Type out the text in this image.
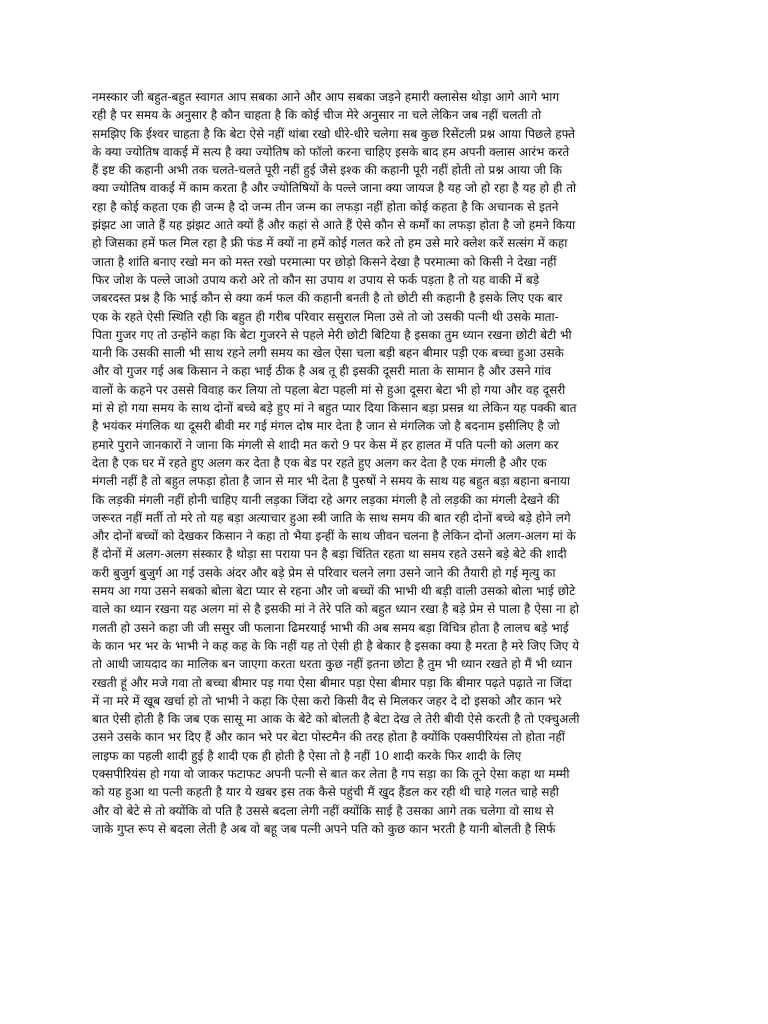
नमस्कार जी बहुत-बहुत स्वागत आप सबका आने और आप सबका जड़ने हमारी क्लासेस थोड़ा आगे आगे भाग
रही है पर समय के अनुसार है कौन चाहता है कि कोई चीज मेरे अनुसार ना चले लेकिन जब नहीं चलती तो
समझिए कि ईश्वर चाहता है कि बेटा ऐसे नहीं थांबा रखो धीरे-धीरे चलेगा सब कुछ रिसेंटली प्रश्न आया पिछले हफ्ते
के क्या ज्योतिष वाकई में सत्य है क्या ज्योतिष को फॉलो करना चाहिए इसके बाद हम अपनी क्लास आरंभ करते
हैं इष्ट की कहानी अभी तक चलते-चलते पूरी नहीं हुई जैसे इश्क की कहानी पूरी नहीं होती तो प्रश्न आया जी कि
क्या ज्योतिष वाकई में काम करता है और ज्योतिषियों के पल्ले जाना क्या जायज है यह जो हो रहा है यह हो ही तो
रहा है कोई कहता एक ही जन्म है दो जन्म तीन जन्म का लफड़ा नहीं होता कोई कहता है कि अचानक से इतने
झंझट आ जाते हैं यह झंझट आते क्यों हैं और कहां से आते हैं ऐसे कौन से कर्मों का लफड़ा होता है जो हमने किया
हो जिसका हमें फल मिल रहा है फ्री फंड में क्यों ना हमें कोई गलत करे तो हम उसे मारे क्लेश करें सत्संग में कहा
जाता है शांति बनाए रखो मन को मस्त रखो परमात्मा पर छोड़ो किसने देखा है परमात्मा को किसी ने देखा नहीं
फिर जोश के पल्ले जाओ उपाय करो अरे तो कौन सा उपाय श उपाय से फर्क पड़ता है तो यह वाकी में बड़े
जबरदस्त प्रश्न है कि भाई कौन से क्या कर्म फल की कहानी बनती है तो छोटी सी कहानी है इसके लिए एक बार
एक के रहते ऐसी स्थिति रही कि बहुत ही गरीब परिवार ससुराल मिला उसे तो जो उसकी पत्नी थी उसके माता-
पिता गुजर गए तो उन्होंने कहा कि बेटा गुजरने से पहले मेरी छोटी बिटिया है इसका तुम ध्यान रखना छोटी बेटी भी
यानी कि उसकी साली भी साथ रहने लगी समय का खेल ऐसा चला बड़ी बहन बीमार पड़ी एक बच्चा हुआ उसके
और वो गुजर गई अब किसान ने कहा भाई ठीक है अब तू ही इसकी दूसरी माता के सामान है और उसने गांव
वालों के कहने पर उससे विवाह कर लिया तो पहला बेटा पहली मां से हुआ दूसरा बेटा भी हो गया और वह दूसरी
मां से हो गया समय के साथ दोनों बच्चे बड़े हुए मां ने बहुत प्यार दिया किसान बड़ा प्रसन्न था लेकिन यह पक्की बात
है भयंकर मंगलिक था दूसरी बीवी मर गई मंगल दोष मार देता है जान से मंगलिक जो है बदनाम इसीलिए है जो
हमारे पुराने जानकारों ने जाना कि मंगली से शादी मत करो 9 पर केस में हर हालत में पति पत्नी को अलग कर
देता है एक घर में रहते हुए अलग कर देता है एक बेड पर रहते हुए अलग कर देता है एक मंगली है और एक
मंगली नहीं है तो बहुत लफड़ा होता है जान से मार भी देता है पुरुषों ने समय के साथ यह बहुत बड़ा बहाना बनाया
कि लड़की मंगली नहीं होनी चाहिए यानी लड़का जिंदा रहे अगर लड़का मंगली है तो लड़की का मंगली देखने की
जरूरत नहीं मर्ती तो मरे तो यह बड़ा अत्याचार हुआ स्त्री जाति के साथ समय की बात रही दोनों बच्चे बड़े होने लगे
और दोनों बच्चों को देखकर किसान ने कहा तो भैया इन्हीं के साथ जीवन चलना है लेकिन दोनों अलग-अलग मां के
हैं दोनों में अलग-अलग संस्कार है थोड़ा सा पराया पन है बड़ा चिंतित रहता था समय रहते उसने बड़े बेटे की शादी
करी बुजुर्ग बुजुर्ग आ गई उसके अंदर और बड़े प्रेम से परिवार चलने लगा उसने जाने की तैयारी हो गई मृत्यु का
समय आ गया उसने सबको बोला बेटा प्यार से रहना और जो बच्चों की भाभी थी बड़ी वाली उसको बोला भाई छोटे
वाले का ध्यान रखना यह अलग मां से है इसकी मां ने तेरे पति को बहुत ध्यान रखा है बड़े प्रेम से पाला है ऐसा ना हो
गलती हो उसने कहा जी जी ससुर जी फलाना ढिमरयाई भाभी की अब समय बड़ा विचित्र होता है लालच बड़े भाई
के कान भर भर के भाभी ने कह कह के कि नहीं यह तो ऐसी ही है बेकार है इसका क्या है मरता है मरे जिए जिए ये
तो आधी जायदाद का मालिक बन जाएगा करता धरता कुछ नहीं इतना छोटा है तुम भी ध्यान रखते हो मैं भी ध्यान
रखती हूं और मजे गवा तो बच्चा बीमार पड़ गया ऐसा बीमार पड़ा ऐसा बीमार पड़ा कि बीमार पढ़ते पढ़ाते ना जिंदा
में ना मरे में खूब खर्चा हो तो भाभी ने कहा कि ऐसा करो किसी वैद से मिलकर जहर दे दो इसको और कान भरे
बात ऐसी होती है कि जब एक सासू मा आक के बेटे को बोलती है बेटा देख ले तेरी बीवी ऐसे करती है तो एक्चुअली
उसने उसके कान भर दिए हैं और कान भरे पर बेटा पोस्टमैन की तरह होता है क्योंकि एक्सपीरियंस तो होता नहीं
लाइफ का पहली शादी हुई है शादी एक ही होती है ऐसा तो है नहीं 10 शादी करके फिर शादी के लिए
एक्सपीरियंस हो गया वो जाकर फटाफट अपनी पत्नी से बात कर लेता है गप सड़ा का कि तूने ऐसा कहा था मम्मी
को यह हुआ था पत्नी कहती है यार ये खबर इस तक कैसे पहुंची मैं खुद हैंडल कर रही थी चाहे गलत चाहे सही
और वो बेटे से तो क्योंकि वो पति है उससे बदला लेगी नहीं क्योंकि साई है उसका आगे तक चलेगा वो साथ से
जाके गुप्त रूप से बदला लेती है अब वो बहू जब पत्नी अपने पति को कुछ कान भरती है यानी बोलती है सिर्फ
